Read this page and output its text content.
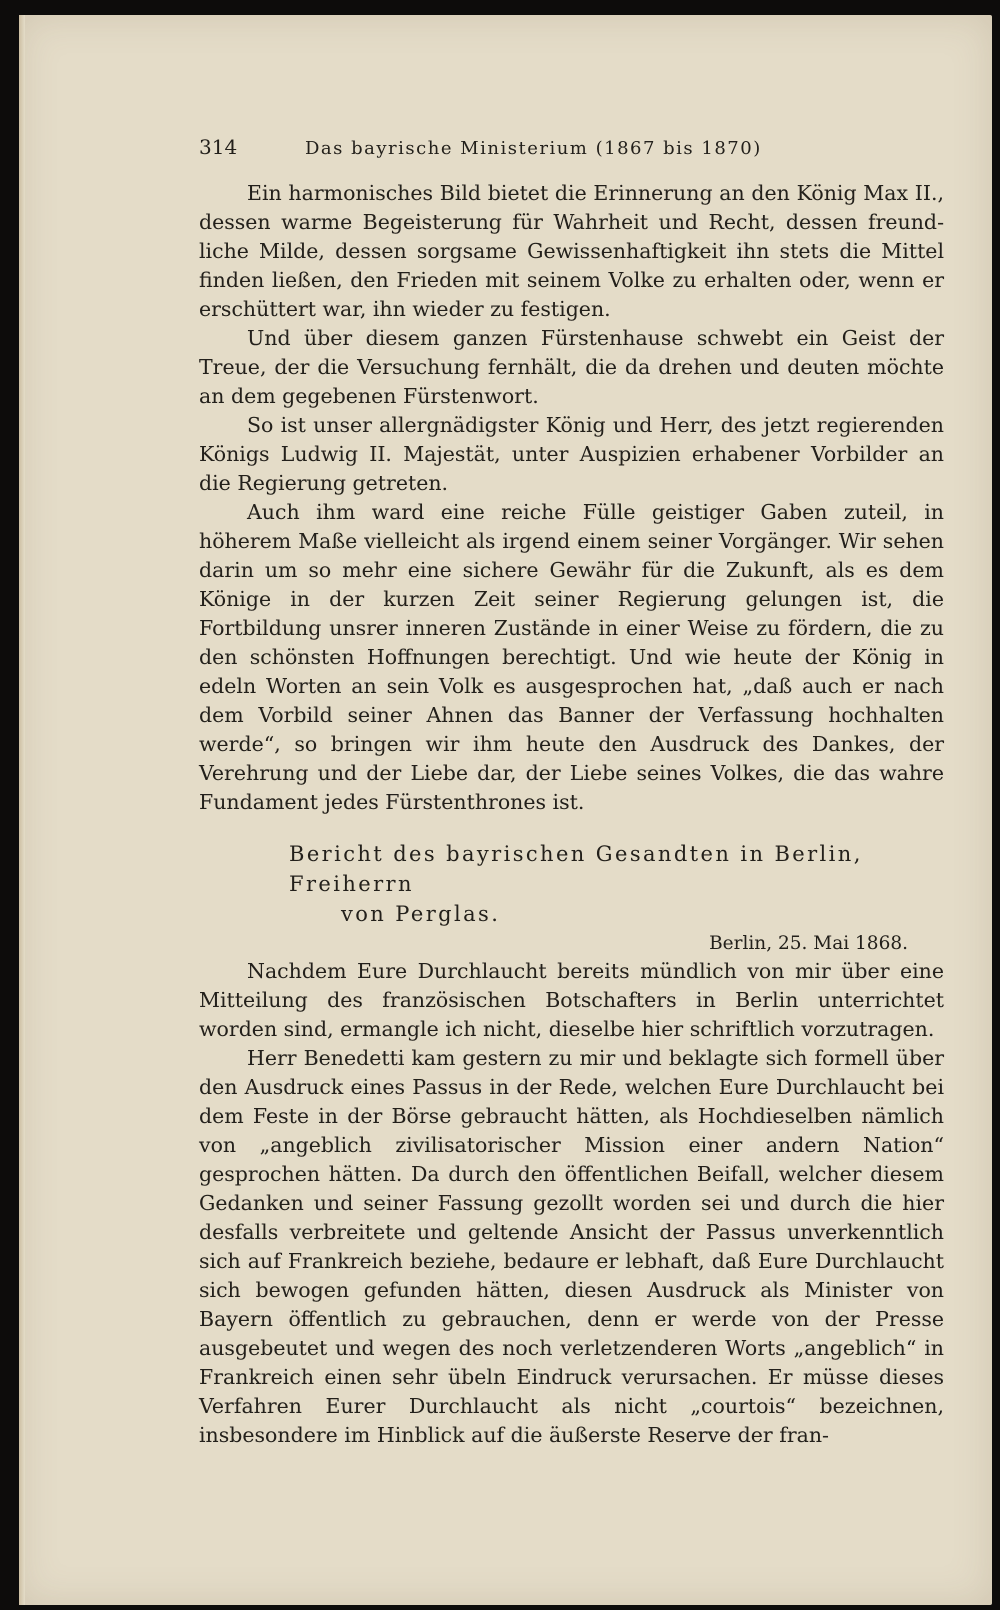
314	Das bayrische Ministerium (1867 bis 1870)

Ein harmonisches Bild bietet die Erinnerung an den König Max II., dessen warme Begeisterung für Wahrheit und Recht, dessen freundliche Milde, dessen sorgsame Gewissenhaftigkeit ihn stets die Mittel finden ließen, den Frieden mit seinem Volke zu erhalten oder, wenn er erschüttert war, ihn wieder zu festigen.

Und über diesem ganzen Fürstenhause schwebt ein Geist der Treue, der die Versuchung fernhält, die da drehen und deuten möchte an dem gegebenen Fürstenwort.

So ist unser allergnädigster König und Herr, des jetzt regierenden Königs Ludwig II. Majestät, unter Auspizien erhabener Vorbilder an die Regierung getreten.

Auch ihm ward eine reiche Fülle geistiger Gaben zuteil, in höherem Maße vielleicht als irgend einem seiner Vorgänger. Wir sehen darin um so mehr eine sichere Gewähr für die Zukunft, als es dem Könige in der kurzen Zeit seiner Regierung gelungen ist, die Fortbildung unsrer inneren Zustände in einer Weise zu fördern, die zu den schönsten Hoffnungen berechtigt. Und wie heute der König in edeln Worten an sein Volk es ausgesprochen hat, „daß auch er nach dem Vorbild seiner Ahnen das Banner der Verfassung hochhalten werde“, so bringen wir ihm heute den Ausdruck des Dankes, der Verehrung und der Liebe dar, der Liebe seines Volkes, die das wahre Fundament jedes Fürstenthrones ist.

Bericht des bayrischen Gesandten in Berlin, Freiherrn
von Perglas.
Berlin, 25. Mai 1868.

Nachdem Eure Durchlaucht bereits mündlich von mir über eine Mitteilung des französischen Botschafters in Berlin unterrichtet worden sind, ermangle ich nicht, dieselbe hier schriftlich vorzutragen.

Herr Benedetti kam gestern zu mir und beklagte sich formell über den Ausdruck eines Passus in der Rede, welchen Eure Durchlaucht bei dem Feste in der Börse gebraucht hätten, als Hochdieselben nämlich von „angeblich zivilisatorischer Mission einer andern Nation“ gesprochen hätten. Da durch den öffentlichen Beifall, welcher diesem Gedanken und seiner Fassung gezollt worden sei und durch die hier desfalls verbreitete und geltende Ansicht der Passus unverkenntlich sich auf Frankreich beziehe, bedaure er lebhaft, daß Eure Durchlaucht sich bewogen gefunden hätten, diesen Ausdruck als Minister von Bayern öffentlich zu gebrauchen, denn er werde von der Presse ausgebeutet und wegen des noch verletzenderen Worts „angeblich“ in Frankreich einen sehr übeln Eindruck verursachen. Er müsse dieses Verfahren Eurer Durchlaucht als nicht „courtois“ bezeichnen, insbesondere im Hinblick auf die äußerste Reserve der fran-
